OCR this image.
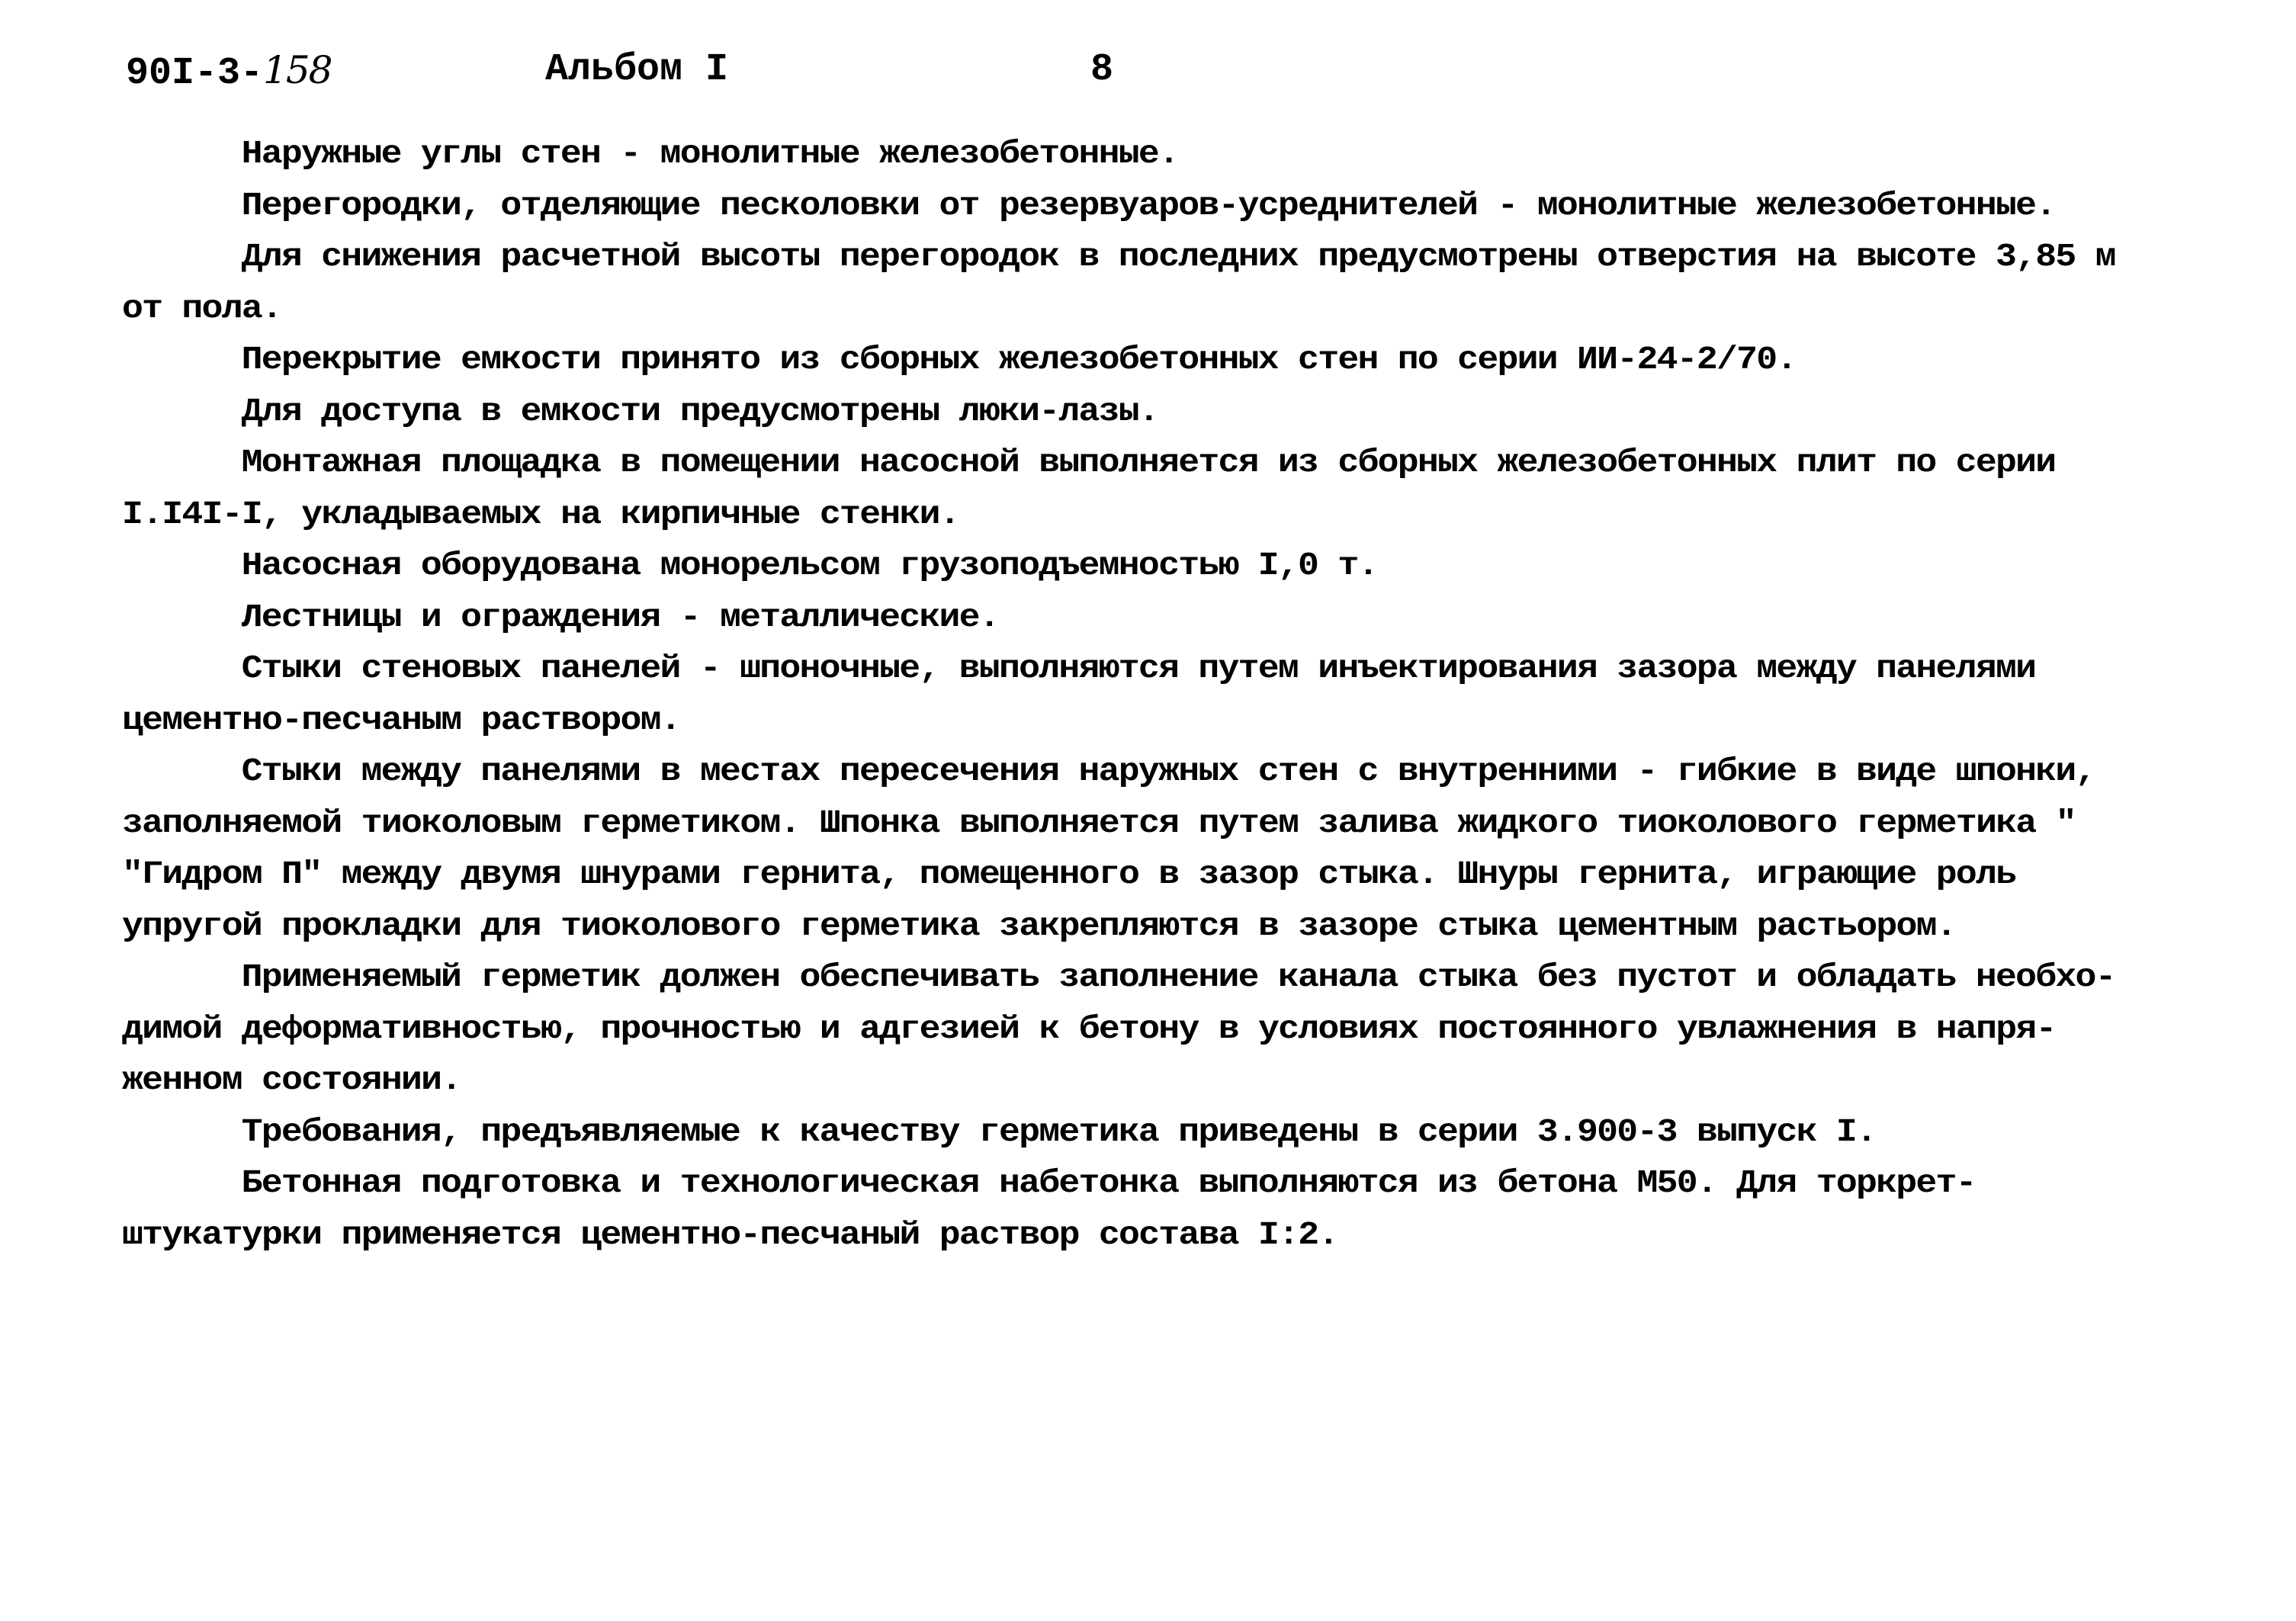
90I-3-158	Альбом I	8
Наружные углы стен - монолитные железобетонные.
Перегородки, отделяющие песколовки от резервуаров-усреднителей - монолитные железобетонные.
Для снижения расчетной высоты перегородок в последних предусмотрены отверстия на высоте 3,85 м
от пола.
Перекрытие емкости принято из сборных железобетонных стен по серии ИИ-24-2/70.
Для доступа в емкости предусмотрены люки-лазы.
Монтажная площадка в помещении насосной выполняется из сборных железобетонных плит по серии
I.I4I-I, укладываемых на кирпичные стенки.
Насосная оборудована монорельсом грузоподъемностью I,0 т.
Лестницы и ограждения - металлические.
Стыки стеновых панелей - шпоночные, выполняются путем инъектирования зазора между панелями
цементно-песчаным раствором.
Стыки между панелями в местах пересечения наружных стен с внутренними - гибкие в виде шпонки,
заполняемой тиоколовым герметиком. Шпонка выполняется путем залива жидкого тиоколового герметика "
"Гидром П" между двумя шнурами гернита, помещенного в зазор стыка. Шнуры гернита, играющие роль
упругой прокладки для тиоколового герметика закрепляются в зазоре стыка цементным растьором.
Применяемый герметик должен обеспечивать заполнение канала стыка без пустот и обладать необхо-
димой деформативностью, прочностью и адгезией к бетону в условиях постоянного увлажнения в напря-
женном состоянии.
Требования, предъявляемые к качеству герметика приведены в серии 3.900-3 выпуск I.
Бетонная подготовка и технологическая набетонка выполняются из бетона М50. Для торкрет-
штукатурки применяется цементно-песчаный раствор состава I:2.
